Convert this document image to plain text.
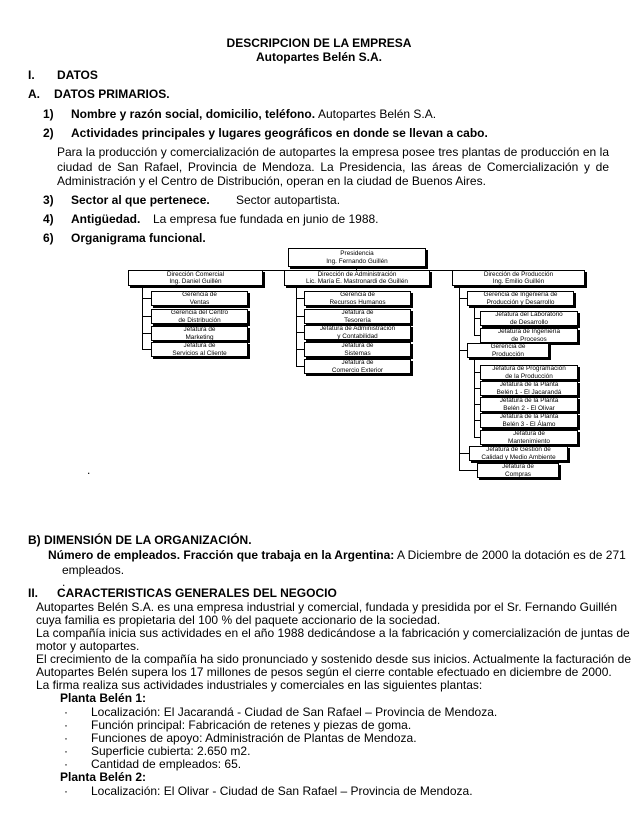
DESCRIPCION DE LA EMPRESA
Autopartes Belén S.A.
I. DATOS
A. DATOS PRIMARIOS.
1) Nombre y razón social, domicilio, teléfono. Autopartes Belén S.A.
2) Actividades principales y lugares geográficos en donde se llevan a cabo.
Para la producción y comercialización de autopartes la empresa posee tres plantas de producción en la ciudad de San Rafael, Provincia de Mendoza. La Presidencia, las áreas de Comercialización y de Administración y el Centro de Distribución, operan en la ciudad de Buenos Aires.
3) Sector al que pertenece. Sector autopartista.
4) Antigüedad. La empresa fue fundada en junio de 1988.
6) Organigrama funcional.
Presidencia
Ing. Fernando Guillén
Dirección Comercial
Ing. Daniel Guillén
Dirección de Administración
Lic. María E. Mastronardi de Guillén
Dirección de Producción
Ing. Emilio Guillén
Gerencia de
Ventas
Gerencia del Centro
de Distribución
Jefatura de
Marketing
Jefatura de
Servicios al Cliente
Gerencia de
Recursos Humanos
Jefatura de
Tesorería
Jefatura de Administración
y Contabilidad
Jefatura de
Sistemas
Jefatura de
Comercio Exterior
Gerencia de Ingeniería de
Producción y Desarrollo
Jefatura del Laboratorio
de Desarrollo
Jefatura de Ingeniería
de Procesos
Gerencia de
Producción
Jefatura de Programación
de la Producción
Jefatura de la Planta
Belén 1 - El Jacarandá
Jefatura de la Planta
Belén 2 - El Olivar
Jefatura de la Planta
Belén 3 - El Álamo
Jefatura de
Mantenimiento
Jefatura de Gestión de
Calidad y Medio Ambiente
Jefatura de
Compras
.
B) DIMENSIÓN DE LA ORGANIZACIÓN.
Número de empleados. Fracción que trabaja en la Argentina: A Diciembre de 2000 la dotación es de 271
empleados.
.
II. CARACTERISTICAS GENERALES DEL NEGOCIO
Autopartes Belén S.A. es una empresa industrial y comercial, fundada y presidida por el Sr. Fernando Guillén
cuya familia es propietaria del 100 % del paquete accionario de la sociedad.
La compañía inicia sus actividades en el año 1988 dedicándose a la fabricación y comercialización de juntas de
motor y autopartes.
El crecimiento de la compañía ha sido pronunciado y sostenido desde sus inicios. Actualmente la facturación de
Autopartes Belén supera los 17 millones de pesos según el cierre contable efectuado en diciembre de 2000.
La firma realiza sus actividades industriales y comerciales en las siguientes plantas:
Planta Belén 1:
· Localización: El Jacarandá - Ciudad de San Rafael – Provincia de Mendoza.
· Función principal: Fabricación de retenes y piezas de goma.
· Funciones de apoyo: Administración de Plantas de Mendoza.
· Superficie cubierta: 2.650 m2.
· Cantidad de empleados: 65.
Planta Belén 2:
· Localización: El Olivar - Ciudad de San Rafael – Provincia de Mendoza.
